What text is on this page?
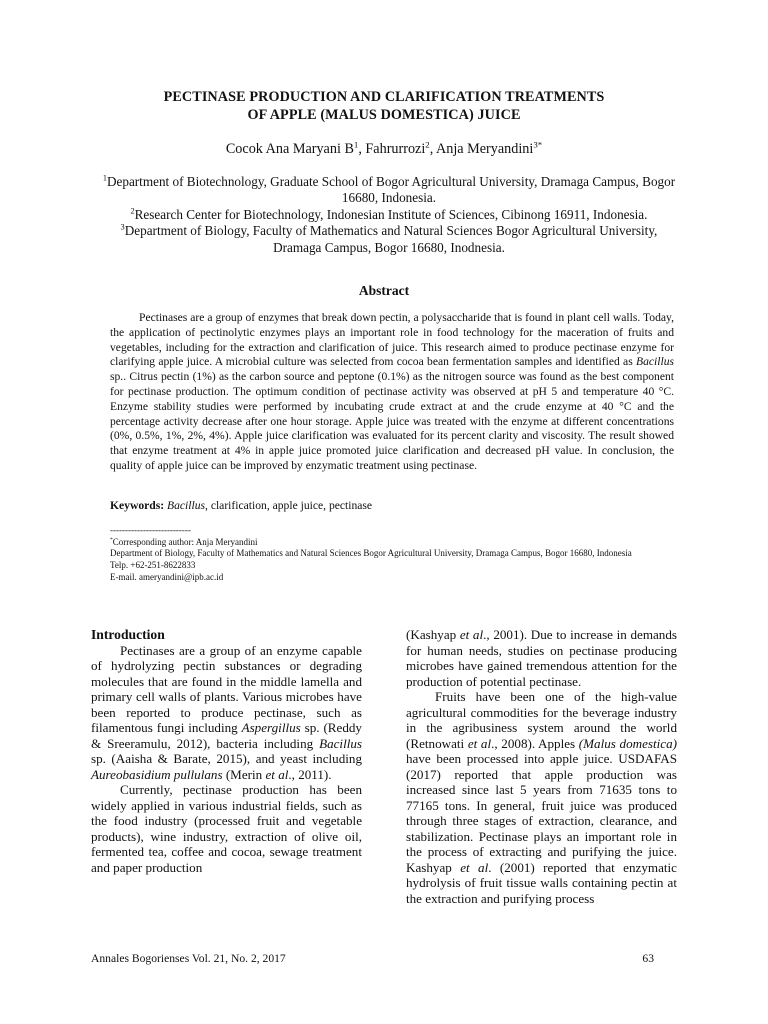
PECTINASE PRODUCTION AND CLARIFICATION TREATMENTS
OF APPLE (MALUS DOMESTICA) JUICE
Cocok Ana Maryani $B^1$, Fahrurrozi$^2$, Anja Meryandini$^{3*}$
$^1$Department of Biotechnology, Graduate School of Bogor Agricultural University, Dramaga Campus, Bogor 16680, Indonesia.
$^2$Research Center for Biotechnology, Indonesian Institute of Sciences, Cibinong 16911, Indonesia.
$^3$Department of Biology, Faculty of Mathematics and Natural Sciences Bogor Agricultural University, Dramaga Campus, Bogor 16680, Inodnesia.
Abstract

Pectinases are a group of enzymes that break down pectin, a polysaccharide that is found in plant cell walls. Today, the application of pectinolytic enzymes plays an important role in food technology for the maceration of fruits and vegetables, including for the extraction and clarification of juice. This research aimed to produce pectinase enzyme for clarifying apple juice. A microbial culture was selected from cocoa bean fermentation samples and identified as Bacillus sp.. Citrus pectin (1%) as the carbon source and peptone (0.1%) as the nitrogen source was found as the best component for pectinase production. The optimum condition of pectinase activity was observed at pH 5 and temperature 40 °C. Enzyme stability studies were performed by incubating crude extract at and the crude enzyme at 40 °C and the percentage activity decrease after one hour storage. Apple juice was treated with the enzyme at different concentrations (0%, 0.5%, 1%, 2%, 4%). Apple juice clarification was evaluated for its percent clarity and viscosity. The result showed that enzyme treatment at 4% in apple juice promoted juice clarification and decreased pH value. In conclusion, the quality of apple juice can be improved by enzymatic treatment using pectinase.

Keywords: Bacillus, clarification, apple juice, pectinase

---------------------------
*Corresponding author: Anja Meryandini
Department of Biology, Faculty of Mathematics and Natural Sciences Bogor Agricultural University, Dramaga Campus, Bogor 16680, Indonesia
Telp. +62-251-8622833
E-mail. ameryandini@ipb.ac.id

Introduction

Pectinases are a group of an enzyme capable of hydrolyzing pectin substances or degrading molecules that are found in the middle lamella and primary cell walls of plants. Various microbes have been reported to produce pectinase, such as filamentous fungi including Aspergillus sp. (Reddy & Sreeramulu, 2012), bacteria including Bacillus sp. (Aaisha & Barate, 2015), and yeast including Aureobasidium pullulans (Merin et al., 2011).

Currently, pectinase production has been widely applied in various industrial fields, such as the food industry (processed fruit and vegetable products), wine industry, extraction of olive oil, fermented tea, coffee and cocoa, sewage treatment and paper production

(Kashyap et al., 2001). Due to increase in demands for human needs, studies on pectinase producing microbes have gained tremendous attention for the production of potential pectinase.

Fruits have been one of the high-value agricultural commodities for the beverage industry in the agribusiness system around the world (Retnowati et al., 2008). Apples (Malus domestica) have been processed into apple juice. USDAFAS (2017) reported that apple production was increased since last 5 years from 71635 tons to 77165 tons. In general, fruit juice was produced through three stages of extraction, clearance, and stabilization. Pectinase plays an important role in the process of extracting and purifying the juice. Kashyap et al. (2001) reported that enzymatic hydrolysis of fruit tissue walls containing pectin at the extraction and purifying process

Annales Bogorienses Vol. 21, No. 2, 2017	63
